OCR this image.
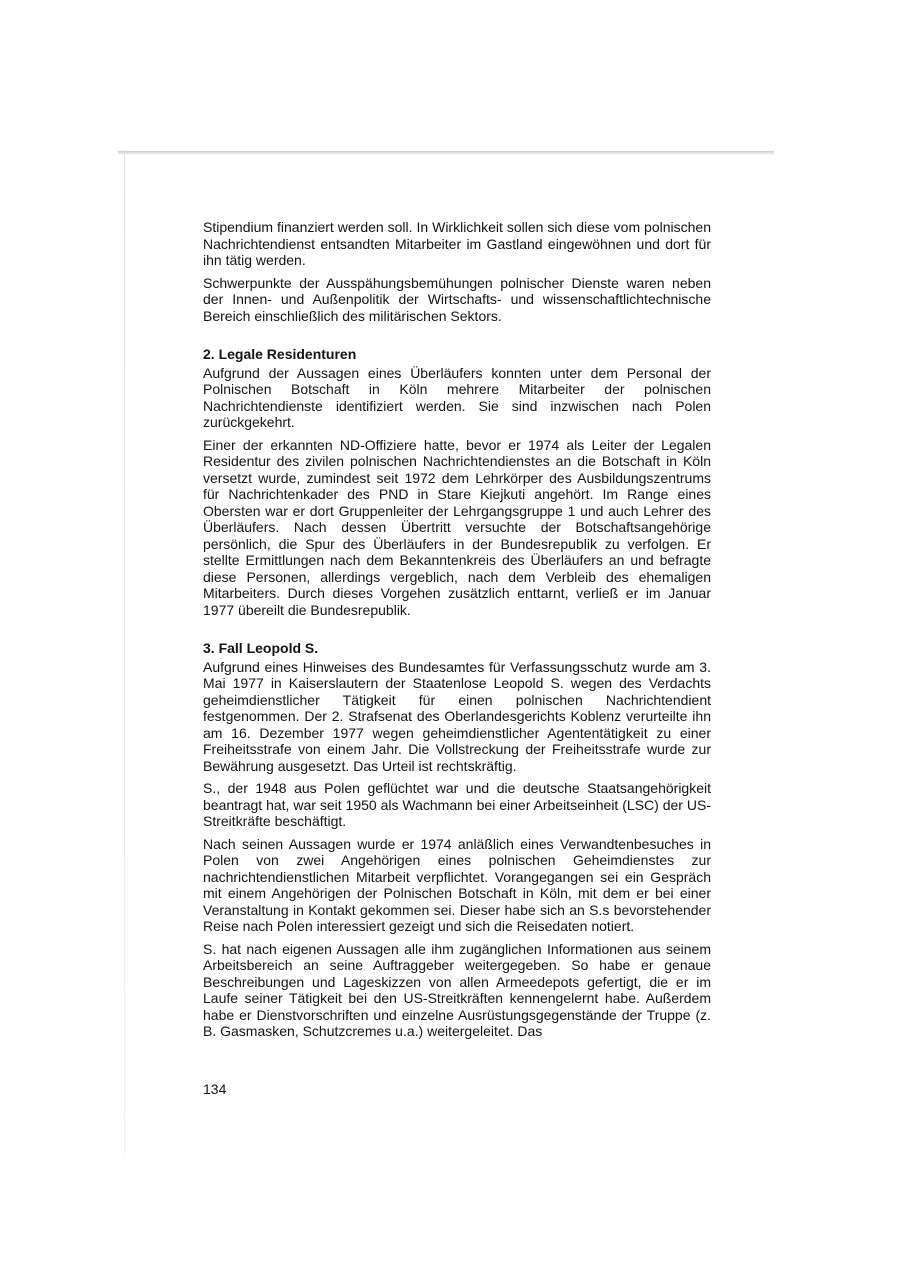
Stipendium finanziert werden soll. In Wirklichkeit sollen sich diese vom polnischen Nachrichtendienst entsandten Mitarbeiter im Gastland eingewöhnen und dort für ihn tätig werden.

Schwerpunkte der Ausspähungsbemühungen polnischer Dienste waren neben der Innen- und Außenpolitik der Wirtschafts- und wissenschaftlichtechnische Bereich einschließlich des militärischen Sektors.

2. Legale Residenturen

Aufgrund der Aussagen eines Überläufers konnten unter dem Personal der Polnischen Botschaft in Köln mehrere Mitarbeiter der polnischen Nachrichtendienste identifiziert werden. Sie sind inzwischen nach Polen zurückgekehrt.

Einer der erkannten ND-Offiziere hatte, bevor er 1974 als Leiter der Legalen Residentur des zivilen polnischen Nachrichtendienstes an die Botschaft in Köln versetzt wurde, zumindest seit 1972 dem Lehrkörper des Ausbildungszentrums für Nachrichtenkader des PND in Stare Kiejkuti angehört. Im Range eines Obersten war er dort Gruppenleiter der Lehrgangsgruppe 1 und auch Lehrer des Überläufers. Nach dessen Übertritt versuchte der Botschaftsangehörige persönlich, die Spur des Überläufers in der Bundesrepublik zu verfolgen. Er stellte Ermittlungen nach dem Bekanntenkreis des Überläufers an und befragte diese Personen, allerdings vergeblich, nach dem Verbleib des ehemaligen Mitarbeiters. Durch dieses Vorgehen zusätzlich enttarnt, verließ er im Januar 1977 übereilt die Bundesrepublik.

3. Fall Leopold S.

Aufgrund eines Hinweises des Bundesamtes für Verfassungsschutz wurde am 3. Mai 1977 in Kaiserslautern der Staatenlose Leopold S. wegen des Verdachts geheimdienstlicher Tätigkeit für einen polnischen Nachrichtendient festgenommen. Der 2. Strafsenat des Oberlandesgerichts Koblenz verurteilte ihn am 16. Dezember 1977 wegen geheimdienstlicher Agententätigkeit zu einer Freiheitsstrafe von einem Jahr. Die Vollstreckung der Freiheitsstrafe wurde zur Bewährung ausgesetzt. Das Urteil ist rechtskräftig.

S., der 1948 aus Polen geflüchtet war und die deutsche Staatsangehörigkeit beantragt hat, war seit 1950 als Wachmann bei einer Arbeitseinheit (LSC) der US-Streitkräfte beschäftigt.

Nach seinen Aussagen wurde er 1974 anläßlich eines Verwandtenbesuches in Polen von zwei Angehörigen eines polnischen Geheimdienstes zur nachrichtendienstlichen Mitarbeit verpflichtet. Vorangegangen sei ein Gespräch mit einem Angehörigen der Polnischen Botschaft in Köln, mit dem er bei einer Veranstaltung in Kontakt gekommen sei. Dieser habe sich an S.s bevorstehender Reise nach Polen interessiert gezeigt und sich die Reisedaten notiert.

S. hat nach eigenen Aussagen alle ihm zugänglichen Informationen aus seinem Arbeitsbereich an seine Auftraggeber weitergegeben. So habe er genaue Beschreibungen und Lageskizzen von allen Armeedepots gefertigt, die er im Laufe seiner Tätigkeit bei den US-Streitkräften kennengelernt habe. Außerdem habe er Dienstvorschriften und einzelne Ausrüstungsgegenstände der Truppe (z. B. Gasmasken, Schutzcremes u.a.) weitergeleitet. Das

134
